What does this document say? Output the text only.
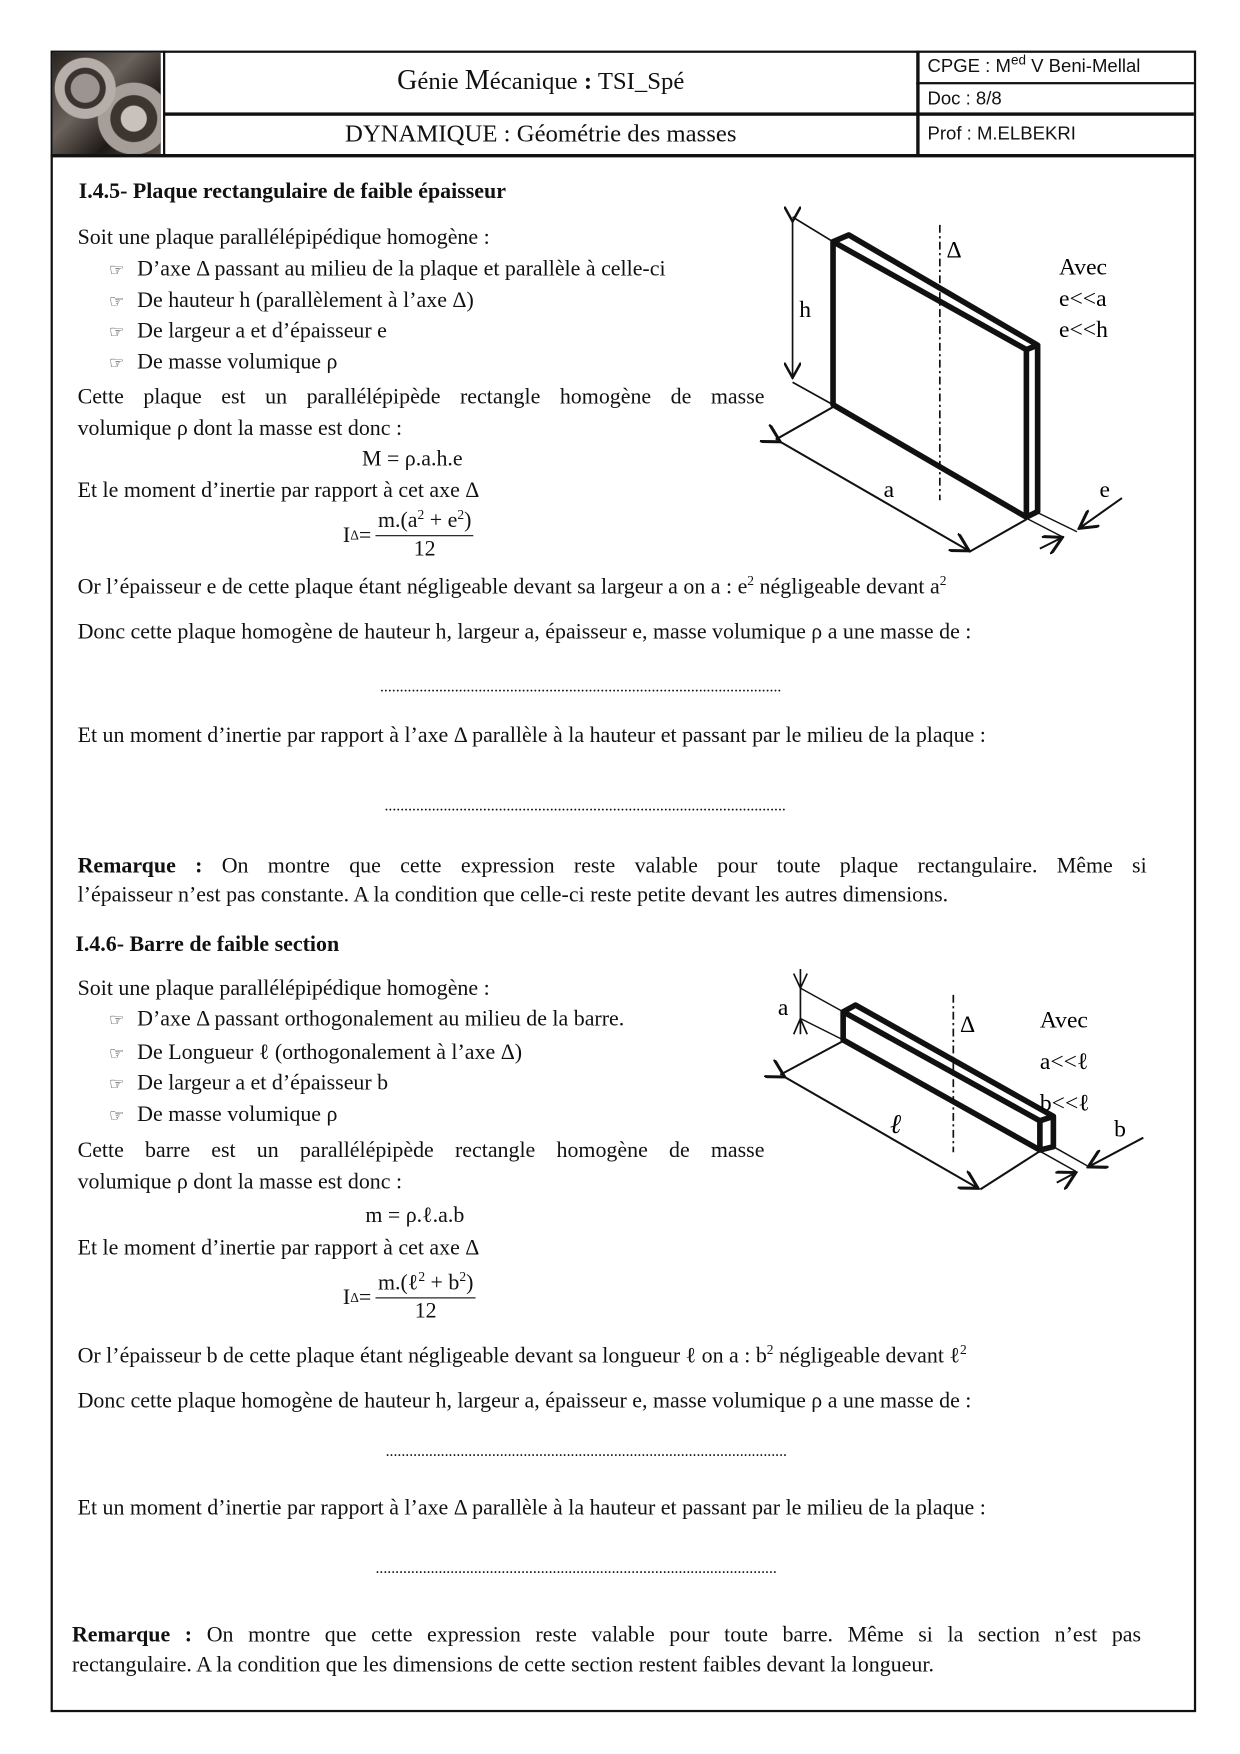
Génie Mécanique : TSI_Spé
DYNAMIQUE : Géométrie des masses
CPGE : $M^{ed}$ V Beni-Mellal
Doc : 8/8
Prof : M.ELBEKRI
I.4.5- Plaque rectangulaire de faible épaisseur
Soit une plaque parallélépipédique homogène :
☞ D’axe Δ passant au milieu de la plaque et parallèle à celle-ci
☞ De hauteur h (parallèlement à l’axe Δ)
☞ De largeur a et d’épaisseur e
☞ De masse volumique ρ
Cette plaque est un parallélépipède rectangle homogène de masse
volumique ρ dont la masse est donc :
M = ρ.a.h.e
Et le moment d’inertie par rapport à cet axe Δ
I $\Delta = \frac{m.(a^2 + e^2)}{12}$
Or l’épaisseur e de cette plaque étant négligeable devant sa largeur a on a : $e^2$ négligeable devant $a^2$
Donc cette plaque homogène de hauteur h, largeur a, épaisseur e, masse volumique ρ a une masse de :
......................................................................................................
Et un moment d’inertie par rapport à l’axe Δ parallèle à la hauteur et passant par le milieu de la plaque :
......................................................................................................
Remarque : On montre que cette expression reste valable pour toute plaque rectangulaire. Même si
l’épaisseur n’est pas constante. A la condition que celle-ci reste petite devant les autres dimensions.
Δ
h
a	e
Avec
e<<a
e<<h
I.4.6- Barre de faible section
Soit une plaque parallélépipédique homogène :
☞ D’axe Δ passant orthogonalement au milieu de la barre.
☞ De Longueur ℓ (orthogonalement à l’axe Δ)
☞ De largeur a et d’épaisseur b
☞ De masse volumique ρ
Cette barre est un parallélépipède rectangle homogène de masse
volumique ρ dont la masse est donc :
m = ρ.ℓ.a.b
Et le moment d’inertie par rapport à cet axe Δ
I $\Delta = \frac{m.(\ell^2 + b^2)}{12}$
Or l’épaisseur b de cette plaque étant négligeable devant sa longueur ℓ on a : $b^2$ négligeable devant ℓ$^2$
Donc cette plaque homogène de hauteur h, largeur a, épaisseur e, masse volumique ρ a une masse de :
......................................................................................................
Et un moment d’inertie par rapport à l’axe Δ parallèle à la hauteur et passant par le milieu de la plaque :
......................................................................................................
Remarque : On montre que cette expression reste valable pour toute barre. Même si la section n’est pas
rectangulaire. A la condition que les dimensions de cette section restent faibles devant la longueur.
Δ
a
ℓ	b
Avec
a<<ℓ
b<<ℓ
